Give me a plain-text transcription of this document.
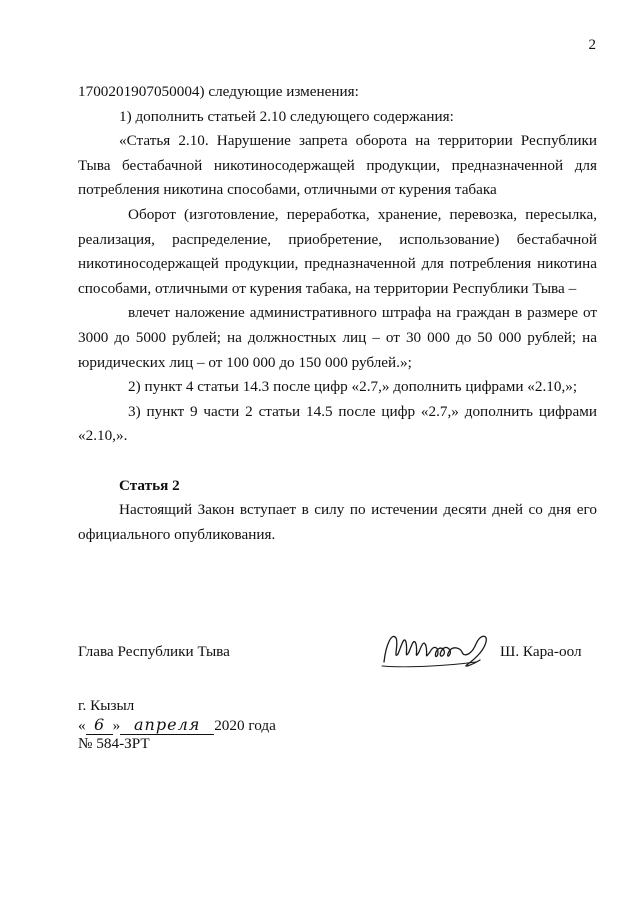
2

1700201907050004) следующие изменения:

1) дополнить статьей 2.10 следующего содержания:

«Статья 2.10. Нарушение запрета оборота на территории Республики Тыва бестабачной никотиносодержащей продукции, предназначенной для потребления никотина способами, отличными от курения табака

Оборот (изготовление, переработка, хранение, перевозка, пересылка, реализация, распределение, приобретение, использование) бестабачной никотиносодержащей продукции, предназначенной для потребления никотина способами, отличными от курения табака, на территории Республики Тыва –

влечет наложение административного штрафа на граждан в размере от 3000 до 5000 рублей; на должностных лиц – от 30 000 до 50 000 рублей; на юридических лиц – от 100 000 до 150 000 рублей.»;

2) пункт 4 статьи 14.3 после цифр «2.7,» дополнить цифрами «2.10,»;

3) пункт 9 части 2 статьи 14.5 после цифр «2.7,» дополнить цифрами «2.10,».

Статья 2

Настоящий Закон вступает в силу по истечении десяти дней со дня его официального опубликования.

Глава Республики Тыва	Ш. Кара-оол
г. Кызыл
« 6 » апреля 2020 года
№ 584-ЗРТ
